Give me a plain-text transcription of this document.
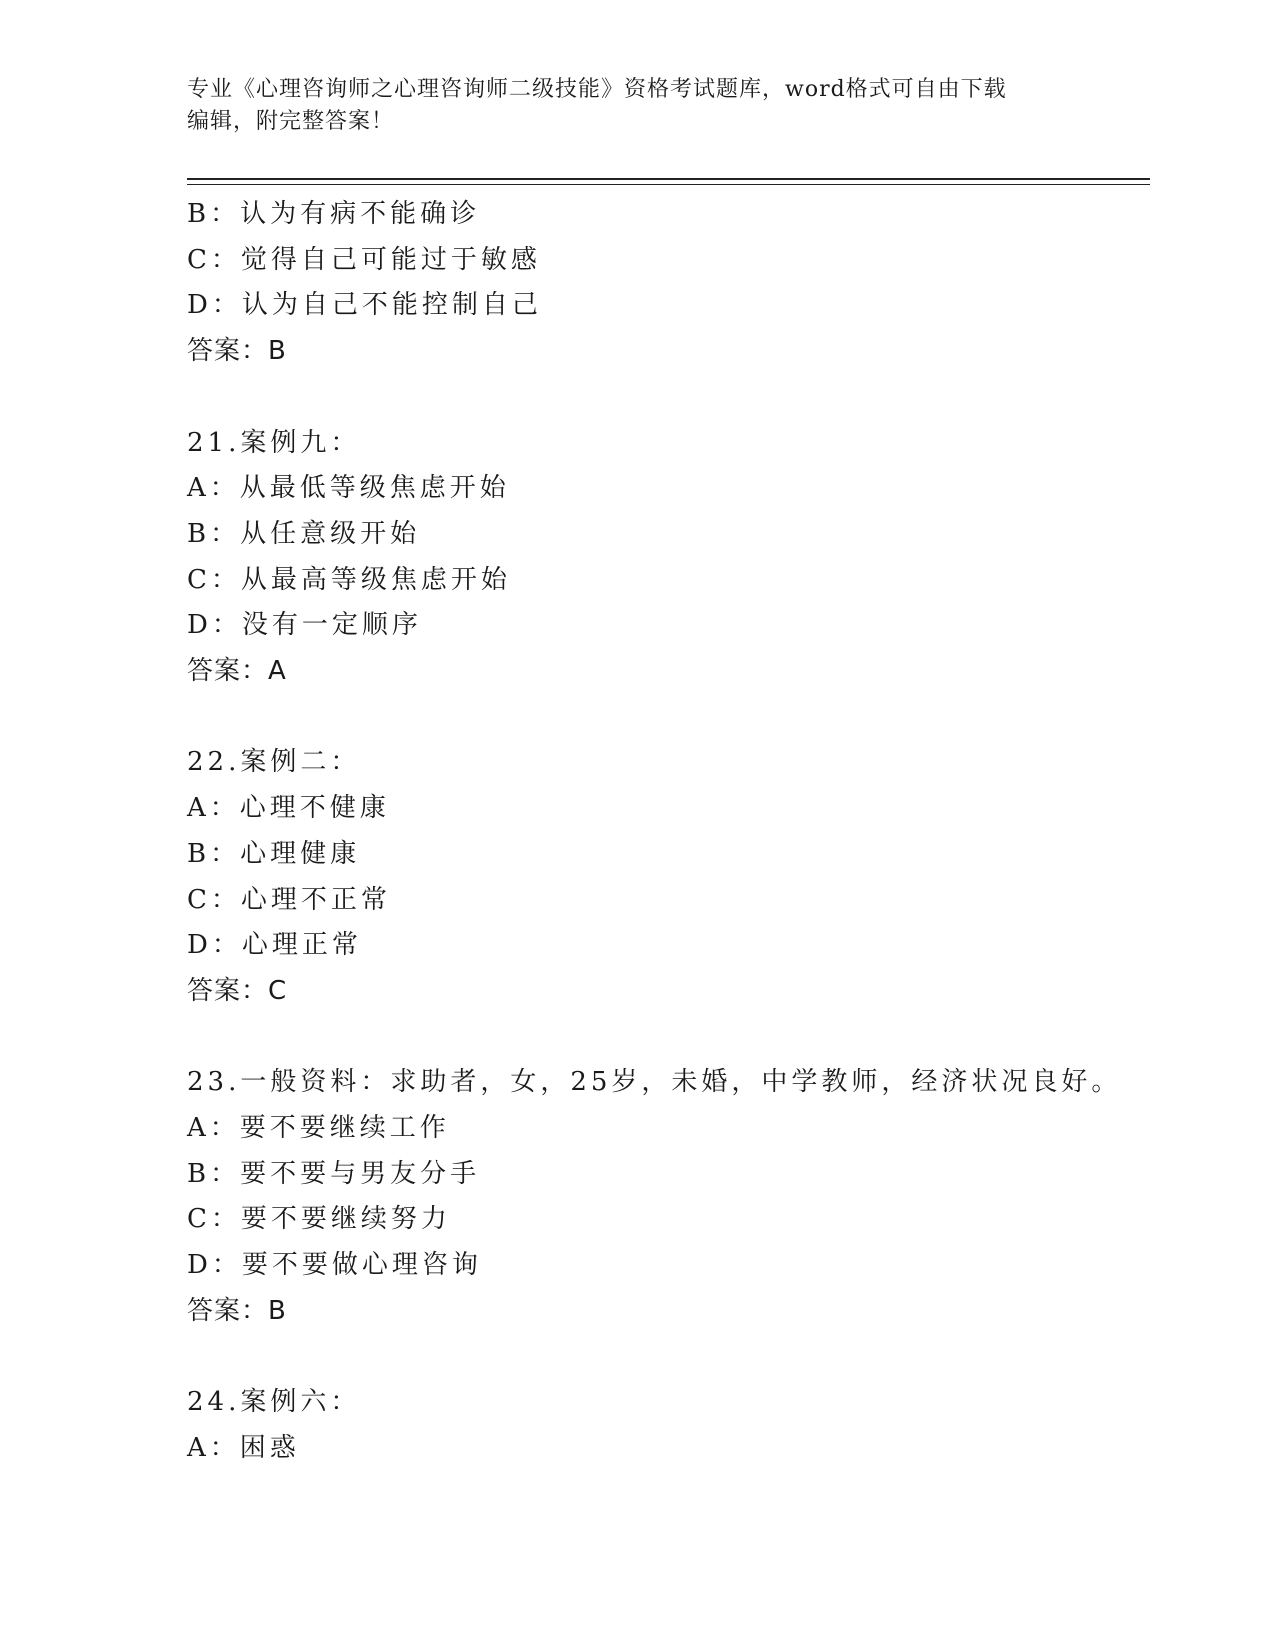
专业《心理咨询师之心理咨询师二级技能》资格考试题库，word格式可自由下载
编辑，附完整答案！
B：认为有病不能确诊
C：觉得自己可能过于敏感
D：认为自己不能控制自己
答案：B
21.案例九：
A：从最低等级焦虑开始
B：从任意级开始
C：从最高等级焦虑开始
D：没有一定顺序
答案：A
22.案例二：
A：心理不健康
B：心理健康
C：心理不正常
D：心理正常
答案：C
23.一般资料：求助者，女，25岁，未婚，中学教师，经济状况良好。
A：要不要继续工作
B：要不要与男友分手
C：要不要继续努力
D：要不要做心理咨询
答案：B
24.案例六：
A：困惑
